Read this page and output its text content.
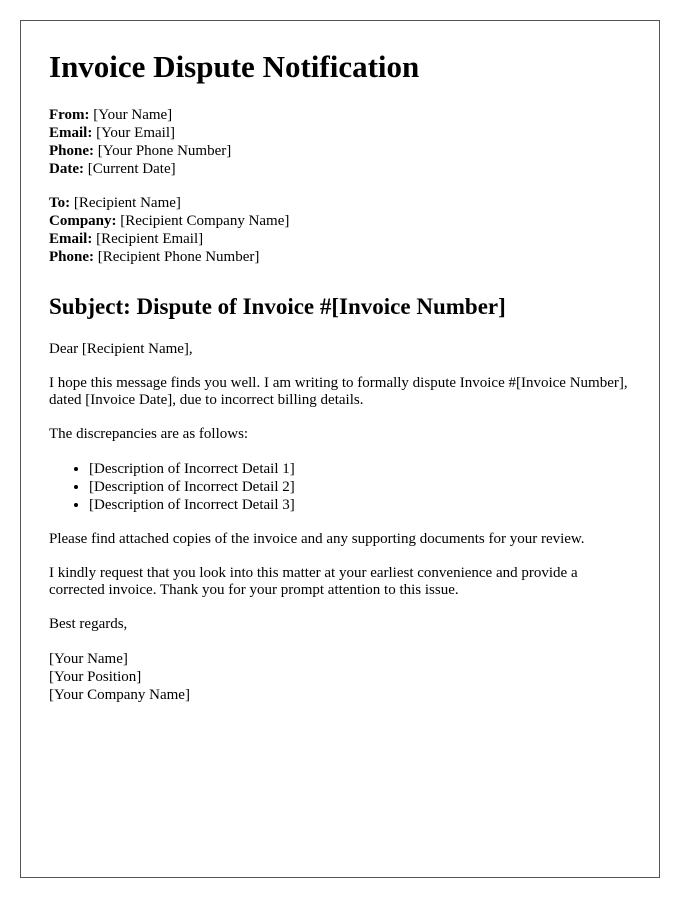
Invoice Dispute Notification
From: [Your Name]
Email: [Your Email]
Phone: [Your Phone Number]
Date: [Current Date]
To: [Recipient Name]
Company: [Recipient Company Name]
Email: [Recipient Email]
Phone: [Recipient Phone Number]
Subject: Dispute of Invoice #[Invoice Number]

Dear [Recipient Name],

I hope this message finds you well. I am writing to formally dispute Invoice #[Invoice Number], dated [Invoice Date], due to incorrect billing details.

The discrepancies are as follows:

• [Description of Incorrect Detail 1]
• [Description of Incorrect Detail 2]
• [Description of Incorrect Detail 3]

Please find attached copies of the invoice and any supporting documents for your review.

I kindly request that you look into this matter at your earliest convenience and provide a corrected invoice. Thank you for your prompt attention to this issue.

Best regards,

[Your Name]
[Your Position]
[Your Company Name]
